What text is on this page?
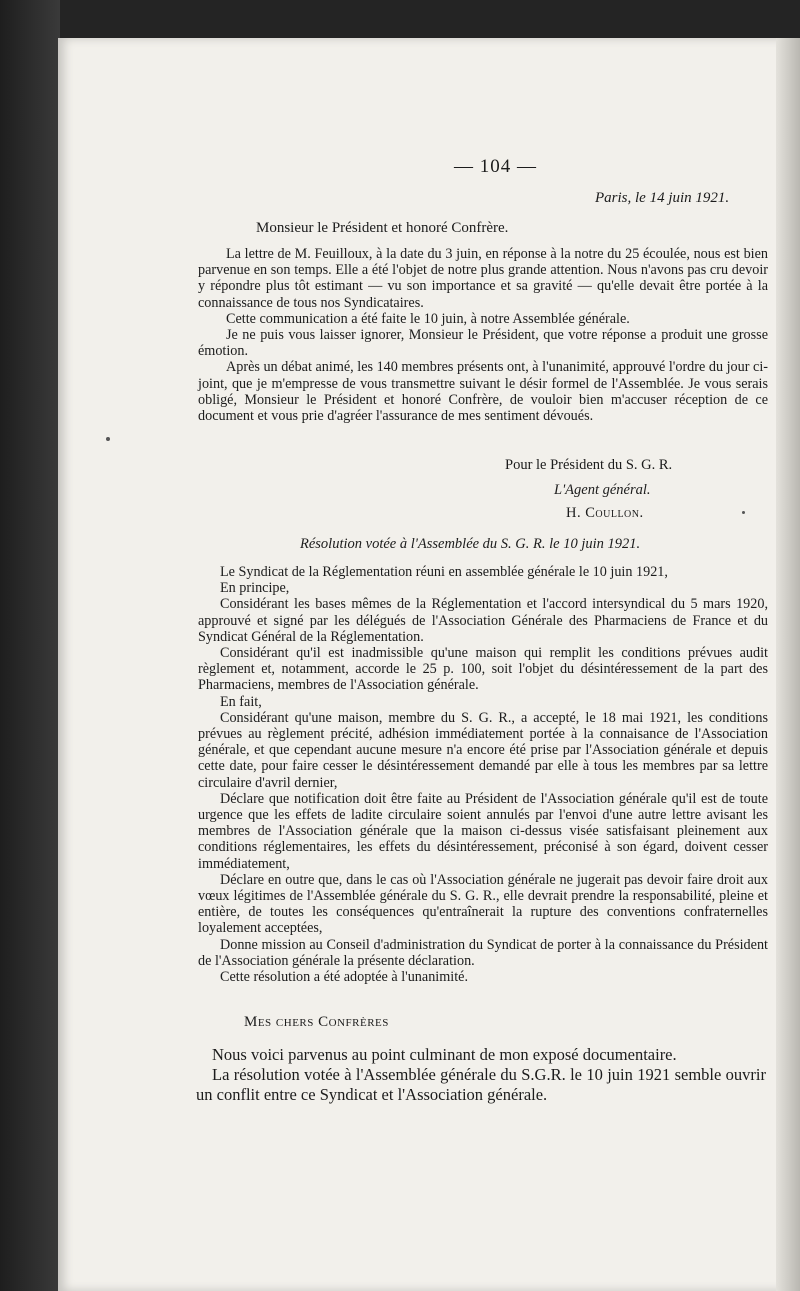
— 104 —
Paris, le 14 juin 1921.
Monsieur le Président et honoré Confrère.

La lettre de M. Feuilloux, à la date du 3 juin, en réponse à la notre du 25 écoulée, nous est bien parvenue en son temps. Elle a été l'objet de notre plus grande attention. Nous n'avons pas cru devoir y répondre plus tôt estimant — vu son importance et sa gravité — qu'elle devait être portée à la connaissance de tous nos Syndicataires.

Cette communication a été faite le 10 juin, à notre Assemblée générale.

Je ne puis vous laisser ignorer, Monsieur le Président, que votre réponse a produit une grosse émotion.

Après un débat animé, les 140 membres présents ont, à l'unanimité, approuvé l'ordre du jour ci-joint, que je m'empresse de vous transmettre suivant le désir formel de l'Assemblée. Je vous serais obligé, Monsieur le Président et honoré Confrère, de vouloir bien m'accuser réception de ce document et vous prie d'agréer l'assurance de mes sentiment dévoués.

Pour le Président du S. G. R.
L'Agent général.
H. Coullon.
Résolution votée à l'Assemblée du S. G. R. le 10 juin 1921.

Le Syndicat de la Réglementation réuni en assemblée générale le 10 juin 1921,

En principe,

Considérant les bases mêmes de la Réglementation et l'accord intersyndical du 5 mars 1920, approuvé et signé par les délégués de l'Association Générale des Pharmaciens de France et du Syndicat Général de la Réglementation.

Considérant qu'il est inadmissible qu'une maison qui remplit les conditions prévues audit règlement et, notamment, accorde le 25 p. 100, soit l'objet du désintéressement de la part des Pharmaciens, membres de l'Association générale.

En fait,

Considérant qu'une maison, membre du S. G. R., a accepté, le 18 mai 1921, les conditions prévues au règlement précité, adhésion immédiatement portée à la connaisance de l'Association générale, et que cependant aucune mesure n'a encore été prise par l'Association générale et depuis cette date, pour faire cesser le désintéressement demandé par elle à tous les membres par sa lettre circulaire d'avril dernier,

Déclare que notification doit être faite au Président de l'Association générale qu'il est de toute urgence que les effets de ladite circulaire soient annulés par l'envoi d'une autre lettre avisant les membres de l'Association générale que la maison ci-dessus visée satisfaisant pleinement aux conditions réglementaires, les effets du désintéressement, préconisé à son égard, doivent cesser immédiatement,

Déclare en outre que, dans le cas où l'Association générale ne jugerait pas devoir faire droit aux vœux légitimes de l'Assemblée générale du S. G. R., elle devrait prendre la responsabilité, pleine et entière, de toutes les conséquences qu'entraînerait la rupture des conventions confraternelles loyalement acceptées,

Donne mission au Conseil d'administration du Syndicat de porter à la connaissance du Président de l'Association générale la présente déclaration.

Cette résolution a été adoptée à l'unanimité.

Mes chers Confrères

Nous voici parvenus au point culminant de mon exposé documentaire.

La résolution votée à l'Assemblée générale du S.G.R. le 10 juin 1921 semble ouvrir un conflit entre ce Syndicat et l'Association générale.
